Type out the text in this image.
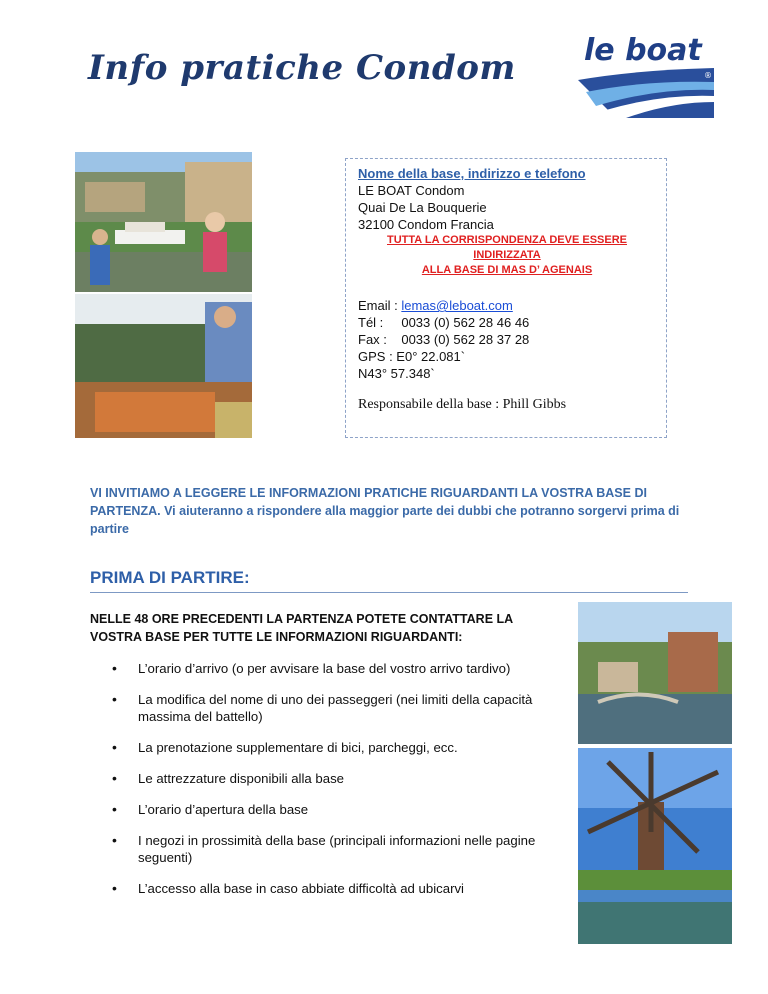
Info pratiche Condom le boat
®
Nome della base, indirizzo e telefono
LE BOAT Condom
Quai De La Bouquerie
32100 Condom Francia
TUTTA LA CORRISPONDENZA DEVE ESSERE
INDIRIZZATA
ALLA BASE DI MAS D’ AGENAIS
Email : lemas@leboat.com
Tél :     0033 (0) 562 28 46 46
Fax :    0033 (0) 562 28 37 28
GPS : E0° 22.081`
N43° 57.348`
Responsabile della base : Phill Gibbs
VI INVITIAMO A LEGGERE LE INFORMAZIONI PRATICHE RIGUARDANTI LA VOSTRA BASE DI PARTENZA. Vi aiuteranno a rispondere alla maggior parte dei dubbi che potranno sorgervi prima di partire
PRIMA DI PARTIRE:
NELLE 48 ORE PRECEDENTI LA PARTENZA POTETE CONTATTARE LA VOSTRA BASE PER TUTTE LE INFORMAZIONI RIGUARDANTI:
• L’orario d’arrivo (o per avvisare la base del vostro arrivo tardivo)
• La modifica del nome di uno dei passeggeri (nei limiti della capacità massima del battello)
• La prenotazione supplementare di bici, parcheggi, ecc.
• Le attrezzature disponibili alla base
• L’orario d’apertura della base
• I negozi in prossimità della base (principali informazioni nelle pagine seguenti)
• L’accesso alla base in caso abbiate difficoltà ad ubicarvi
